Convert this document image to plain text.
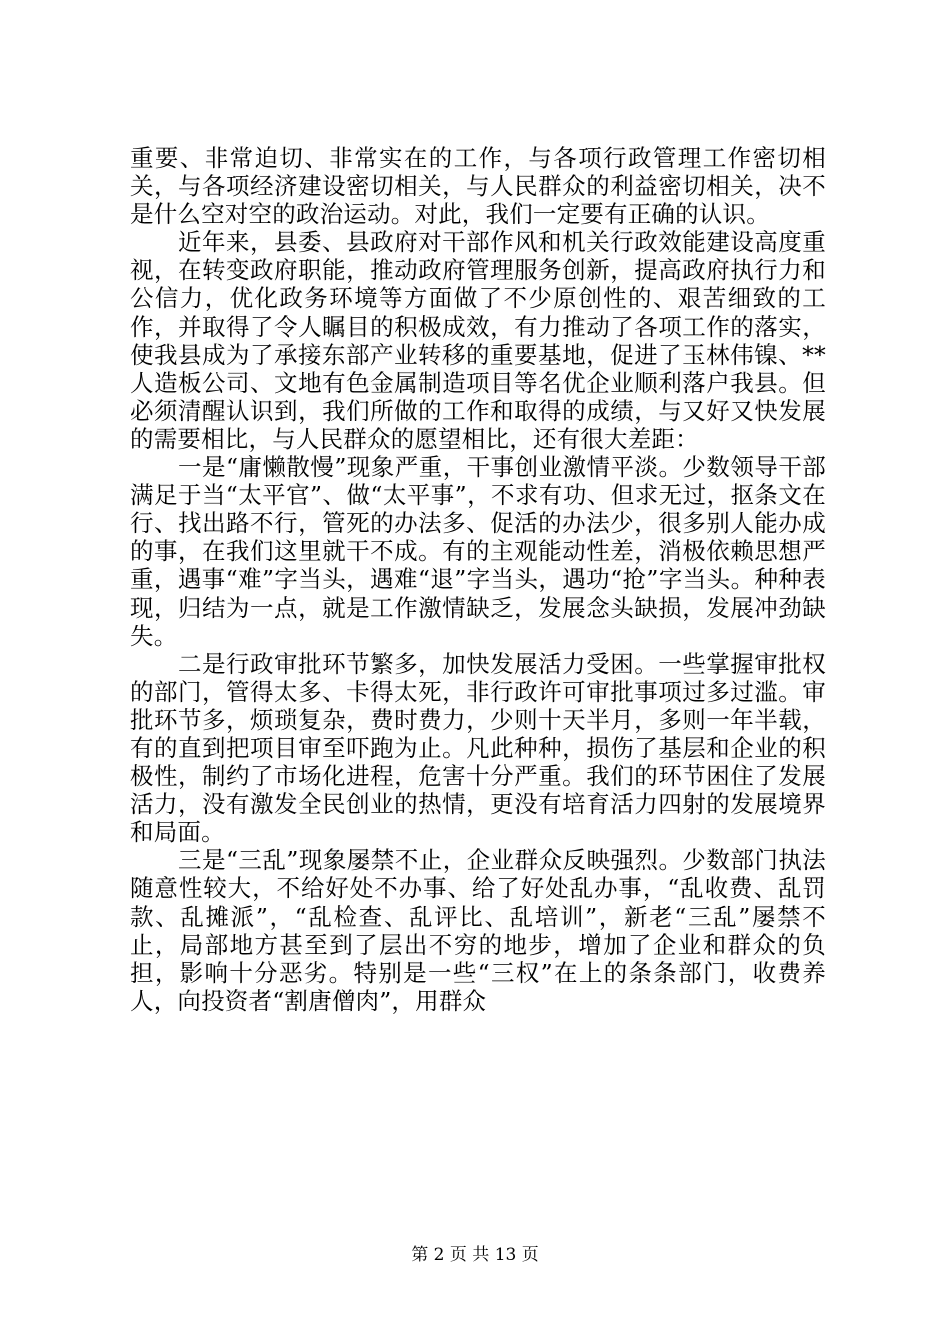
重要、非常迫切、非常实在的工作，与各项行政管理工作密切相关，与各项经济建设密切相关，与人民群众的利益密切相关，决不是什么空对空的政治运动。对此，我们一定要有正确的认识。

近年来，县委、县政府对干部作风和机关行政效能建设高度重视，在转变政府职能，推动政府管理服务创新，提高政府执行力和公信力，优化政务环境等方面做了不少原创性的、艰苦细致的工作，并取得了令人瞩目的积极成效，有力推动了各项工作的落实，使我县成为了承接东部产业转移的重要基地，促进了玉林伟镍、**人造板公司、文地有色金属制造项目等名优企业顺利落户我县。但必须清醒认识到，我们所做的工作和取得的成绩，与又好又快发展的需要相比，与人民群众的愿望相比，还有很大差距：

一是“庸懒散慢”现象严重，干事创业激情平淡。少数领导干部满足于当“太平官”、做“太平事”，不求有功、但求无过，抠条文在行、找出路不行，管死的办法多、促活的办法少，很多别人能办成的事，在我们这里就干不成。有的主观能动性差，消极依赖思想严重，遇事“难”字当头，遇难“退”字当头，遇功“抢”字当头。种种表现，归结为一点，就是工作激情缺乏，发展念头缺损，发展冲劲缺失。

二是行政审批环节繁多，加快发展活力受困。一些掌握审批权的部门，管得太多、卡得太死，非行政许可审批事项过多过滥。审批环节多，烦琐复杂，费时费力，少则十天半月，多则一年半载，有的直到把项目审至吓跑为止。凡此种种，损伤了基层和企业的积极性，制约了市场化进程，危害十分严重。我们的环节困住了发展活力，没有激发全民创业的热情，更没有培育活力四射的发展境界和局面。

三是“三乱”现象屡禁不止，企业群众反映强烈。少数部门执法随意性较大，不给好处不办事、给了好处乱办事，“乱收费、乱罚款、乱摊派”，“乱检查、乱评比、乱培训”，新老“三乱”屡禁不止，局部地方甚至到了层出不穷的地步，增加了企业和群众的负担，影响十分恶劣。特别是一些“三权”在上的条条部门，收费养人，向投资者“割唐僧肉”，用群众

第 2 页 共 13 页
